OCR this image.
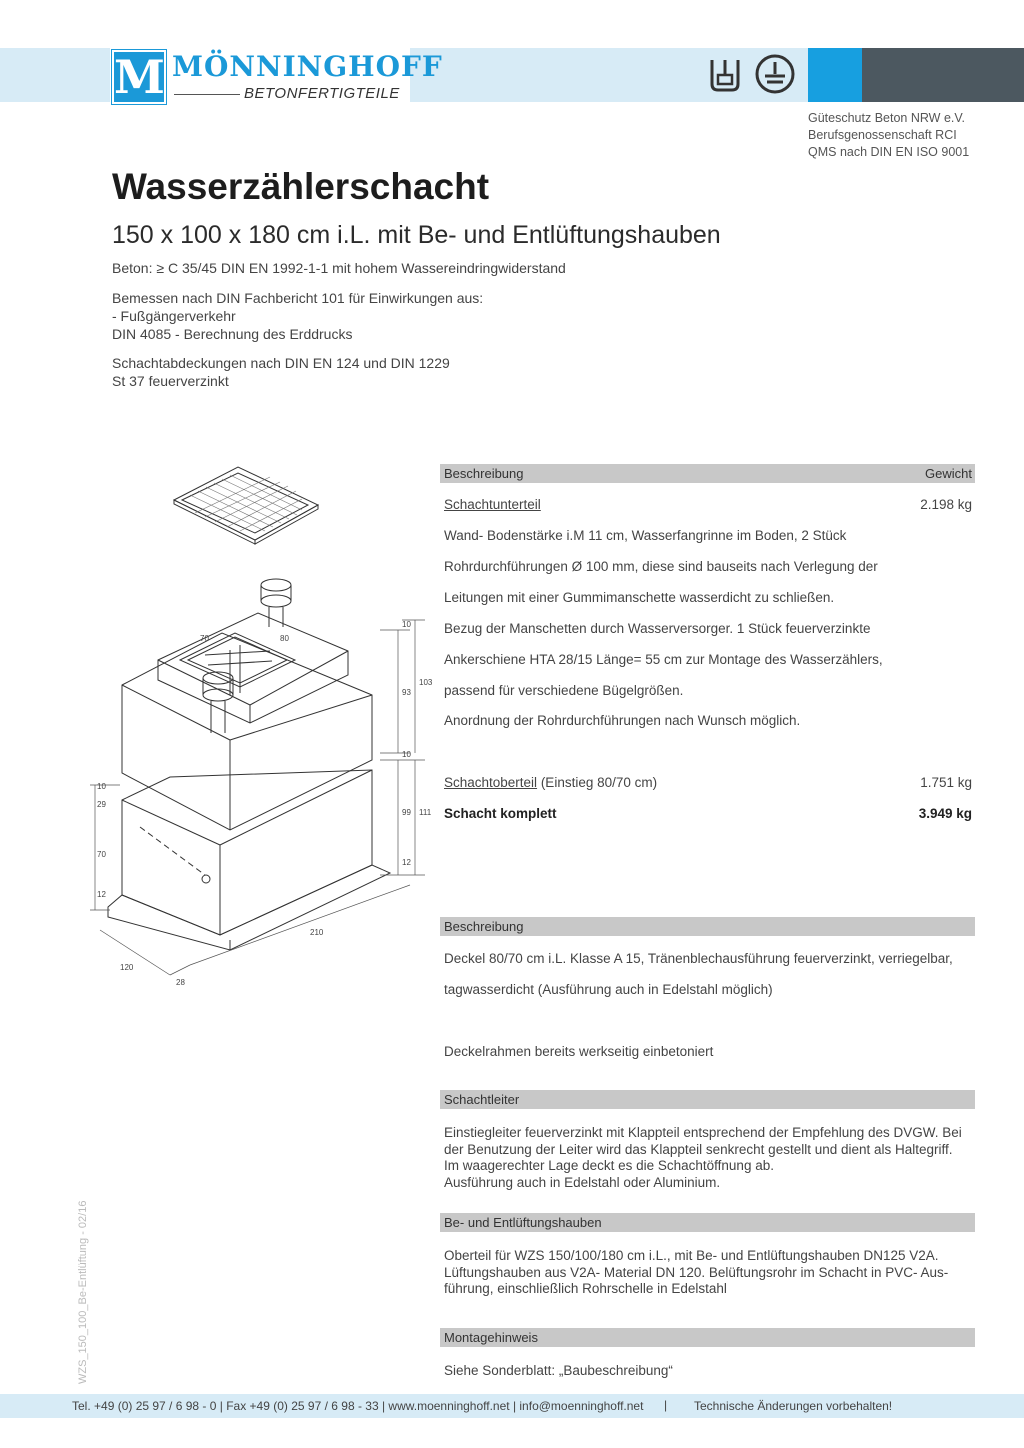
M MÖNNINGHOFF
BETONFERTIGTEILE
Güteschutz Beton NRW e.V.
Berufsgenossenschaft RCI
QMS nach DIN EN ISO 9001
Wasserzählerschacht
150 x 100 x 180 cm i.L. mit Be- und Entlüftungshauben
Beton: ≥ C 35/45 DIN EN 1992-1-1 mit hohem Wassereindringwiderstand
Bemessen nach DIN Fachbericht 101 für Einwirkungen aus:
- Fußgängerverkehr
DIN 4085 - Berechnung des Erddrucks
Schachtabdeckungen nach DIN EN 124 und DIN 1229
St 37 feuerverzinkt
70	80
10
93
103
10
99 111
12
10
29
70
12
120
28
210
Beschreibung	Gewicht
Schachtunterteil	2.198 kg
Wand- Bodenstärke i.M 11 cm, Wasserfangrinne im Boden, 2 Stück
Rohrdurchführungen Ø 100 mm, diese sind bauseits nach Verlegung der
Leitungen mit einer Gummimanschette wasserdicht zu schließen.
Bezug der Manschetten durch Wasserversorger. 1 Stück feuerverzinkte
Ankerschiene HTA 28/15 Länge= 55 cm zur Montage des Wasserzählers,
passend für verschiedene Bügelgrößen.
Anordnung der Rohrdurchführungen nach Wunsch möglich.
Schachtoberteil (Einstieg 80/70 cm)	1.751 kg
Schacht komplett	3.949 kg
Beschreibung
Deckel 80/70 cm i.L. Klasse A 15, Tränenblechausführung feuerverzinkt, verriegelbar,
tagwasserdicht (Ausführung auch in Edelstahl möglich)
Deckelrahmen bereits werkseitig einbetoniert
Schachtleiter
Einstiegleiter feuerverzinkt mit Klappteil entsprechend der Empfehlung des DVGW. Bei
der Benutzung der Leiter wird das Klappteil senkrecht gestellt und dient als Haltegriff.
Im waagerechter Lage deckt es die Schachtöffnung ab.
Ausführung auch in Edelstahl oder Aluminium.
Be- und Entlüftungshauben
Oberteil für WZS 150/100/180 cm i.L., mit Be- und Entlüftungshauben DN125 V2A.
Lüftungshauben aus V2A- Material DN 120. Belüftungsrohr im Schacht in PVC- Aus-
führung, einschließlich Rohrschelle in Edelstahl
Montagehinweis
Siehe Sonderblatt: „Baubeschreibung“
WZS_150_100_Be-Entlüftung - 02/16
Tel. +49 (0) 25 97 / 6 98 - 0 | Fax +49 (0) 25 97 / 6 98 - 33 | www.moenninghoff.net | info@moenninghoff.net | Technische Änderungen vorbehalten!
